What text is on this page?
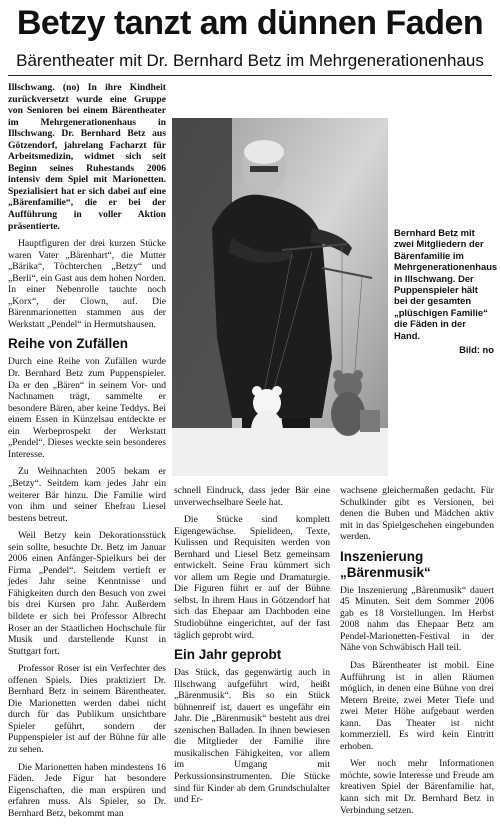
Betzy tanzt am dünnen Faden
Bärentheater mit Dr. Bernhard Betz im Mehrgenerationenhaus

Illschwang. (no) In ihre Kindheit zurückversetzt wurde eine Gruppe von Senioren bei einem Bärentheater im Mehrgenerationenhaus in Illschwang. Dr. Bernhard Betz aus Götzendorf, jahrelang Facharzt für Arbeitsmedizin, widmet sich seit Beginn seines Ruhestands 2006 intensiv dem Spiel mit Marionetten. Spezialisiert hat er sich dabei auf eine „Bärenfamilie“, die er bei der Aufführung in voller Aktion präsentierte.

Hauptfiguren der drei kurzen Stücke waren Vater „Bärenhart“, die Mutter „Bärika“, Töchterchen „Betzy“ und „Berli“, ein Gast aus dem hohen Norden. In einer Nebenrolle tauchte noch „Korx“, der Clown, auf. Die Bärenmarionetten stammen aus der Werkstatt „Pendel“ in Hermutshausen.

Reihe von Zufällen

Durch eine Reihe von Zufällen wurde Dr. Bernhard Betz zum Puppenspieler. Da er den „Bären“ in seinem Vor- und Nachnamen trägt, sammelte er besondere Bären, aber keine Teddys. Bei einem Essen in Künzelsau entdeckte er ein Werbeprospekt der Werkstatt „Pendel“. Dieses weckte sein besonderes Interesse.

Zu Weihnachten 2005 bekam er „Betzy“. Seitdem kam jedes Jahr ein weiterer Bär hinzu. Die Familie wird von ihm und seiner Ehefrau Liesel bestens betreut.

Weil Betzy kein Dekorationsstück sein sollte, besuchte Dr. Betz im Januar 2006 einen Anfänger-Spielkurs bei der Firma „Pendel“. Seitdem vertieft er jedes Jahr seine Kenntnisse und Fähigkeiten durch den Besuch von zwei bis drei Kursen pro Jahr. Außerdem bildete er sich bei Professor Albrecht Roser an der Staatlichen Hochschule für Musik und darstellende Kunst in Stuttgart fort.

Professor Roser ist ein Verfechter des offenen Spiels. Dies praktiziert Dr. Bernhard Betz in seinem Bärentheater. Die Marionetten werden dabei nicht durch für das Publikum unsichtbare Spieler geführt, sondern der Puppenspieler ist auf der Bühne für alle zu sehen.

Die Marionetten haben mindestens 16 Fäden. Jede Figur hat besondere Eigenschaften, die man erspüren und erfahren muss. Als Spieler, so Dr. Bernhard Betz, bekommt man

Bernhard Betz mit zwei Mitgliedern der Bärenfamilie im Mehrgenerationenhaus in Illschwang. Der Puppenspieler hält bei der gesamten „plüschigen Familie“ die Fäden in der Hand.
Bild: no

schnell Eindruck, dass jeder Bär eine unverwechselbare Seele hat.

Die Stücke sind komplett Eigengewächse. Spielideen, Texte, Kulissen und Requisiten werden von Bernhard und Liesel Betz gemeinsam entwickelt. Seine Frau kümmert sich vor allem um Regie und Dramaturgie. Die Figuren führt er auf der Bühne selbst. In ihrem Haus in Götzendorf hat sich das Ehepaar am Dachboden eine Studiobühne eingerichtet, auf der fast täglich geprobt wird.

Ein Jahr geprobt

Das Stück, das gegenwärtig auch in Illschwang aufgeführt wird, heißt „Bärenmusik“. Bis so ein Stück bühnenreif ist, dauert es ungefähr ein Jahr. Die „Bärenmusik“ besteht aus drei szenischen Balladen. In ihnen bewiesen die Mitglieder der Familie ihre musikalischen Fähigkeiten, vor allem im Umgang mit Perkussionsinstrumenten. Die Stücke sind für Kinder ab dem Grundschulalter und Er-

wachsene gleichermaßen gedacht. Für Schulkinder gibt es Versionen, bei denen die Buben und Mädchen aktiv mit in das Spielgeschehen eingebunden werden.

Inszenierung „Bärenmusik“

Die Inszenierung „Bärenmusik“ dauert 45 Minuten. Seit dem Sommer 2006 gab es 18 Vorstellungen. Im Herbst 2008 nahm das Ehepaar Betz am Pendel-Marionetten-Festival in der Nähe von Schwäbisch Hall teil.

Das Bärentheater ist mobil. Eine Aufführung ist in allen Räumen möglich, in denen eine Bühne von drei Metern Breite, zwei Meter Tiefe und zwei Meter Höhe aufgebaut werden kann. Das Theater ist nicht kommerziell. Es wird kein Eintritt erhoben.

Wer noch mehr Informationen möchte, sowie Interesse und Freude am kreativen Spiel der Bärenfamilie hat, kann sich mit Dr. Bernhard Betz in Verbindung setzen.
